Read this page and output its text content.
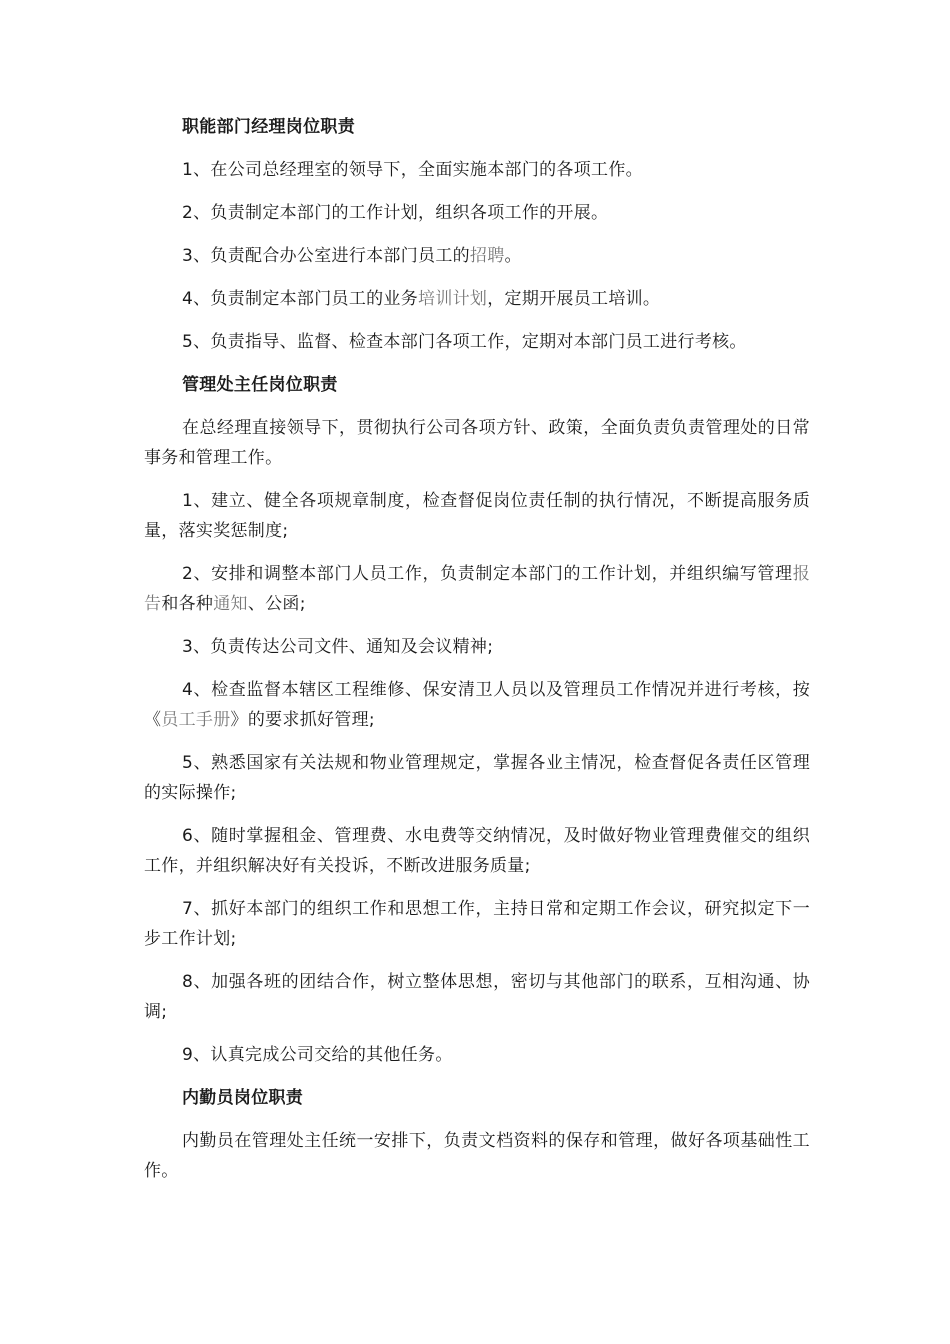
职能部门经理岗位职责
1、在公司总经理室的领导下，全面实施本部门的各项工作。
2、负责制定本部门的工作计划，组织各项工作的开展。
3、负责配合办公室进行本部门员工的招聘。
4、负责制定本部门员工的业务培训计划，定期开展员工培训。
5、负责指导、监督、检查本部门各项工作，定期对本部门员工进行考核。
管理处主任岗位职责
在总经理直接领导下，贯彻执行公司各项方针、政策，全面负责负责管理处的日常事务和管理工作。
1、建立、健全各项规章制度，检查督促岗位责任制的执行情况，不断提高服务质量，落实奖惩制度;
2、安排和调整本部门人员工作，负责制定本部门的工作计划，并组织编写管理报告和各种通知、公函;
3、负责传达公司文件、通知及会议精神;
4、检查监督本辖区工程维修、保安清卫人员以及管理员工作情况并进行考核，按《员工手册》的要求抓好管理;
5、熟悉国家有关法规和物业管理规定，掌握各业主情况，检查督促各责任区管理的实际操作;
6、随时掌握租金、管理费、水电费等交纳情况，及时做好物业管理费催交的组织工作，并组织解决好有关投诉，不断改进服务质量;
7、抓好本部门的组织工作和思想工作，主持日常和定期工作会议，研究拟定下一步工作计划;
8、加强各班的团结合作，树立整体思想，密切与其他部门的联系，互相沟通、协调;
9、认真完成公司交给的其他任务。
内勤员岗位职责
内勤员在管理处主任统一安排下，负责文档资料的保存和管理，做好各项基础性工作。
